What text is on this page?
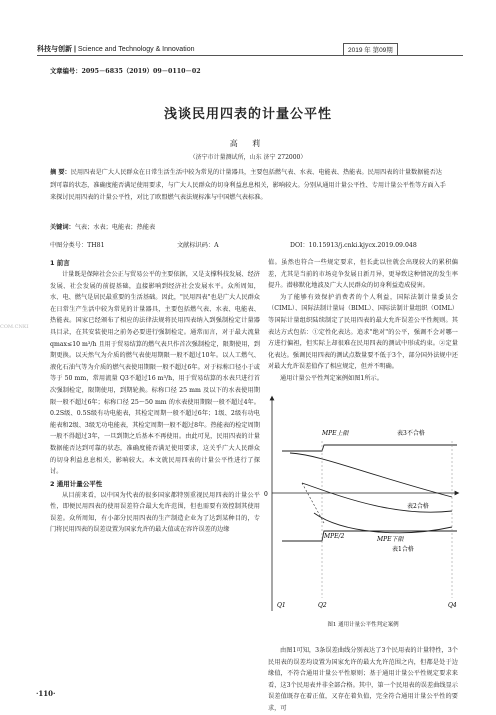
科技与创新 | Science and Technology & Innovation	2019 年 第09期
文章编号：2095－6835（2019）09－0110－02
浅谈民用四表的计量公平性
高 莉
（济宁市计量测试所，山东 济宁 272000）
摘 要：民用四表是广大人民群众在日常生活生活中较为常见的计量器具，主要包括燃气表、水表、电能表、热能表。民用四表的计量数据能否达到可靠的状态，准确度能否满足使用要求，与广大人民群众的切身利益息息相关，影响较大。分别从通用计量公平性、专用计量公平性等方面入手来探讨民用四表的计量公平性，对比了欧盟燃气表法规标准与中国燃气表标准。
关键词：气表；水表；电能表；热能表
中图分类号：TH81	文献标识码：A	DOI：10.15913/j.cnki.kjycx.2019.09.048
COM.CNKI
1 前言

计量既是保障社会公正与贸易公平的主要依据，又是支撑科技发展、经济发展、社会发展的前提基础，直接影响到经济社会发展水平。众所周知，水、电、燃气是居民最重要的生活基础。因此，"民用四表"也是广大人民群众在日常生产生活中较为常见的计量器具，主要包括燃气表、水表、电能表、热能表。国家已经颁布了相应的法律法规将民用四表纳入到强制检定计量器具目录，在其安装使用之前务必要进行强制检定。通常而言，对于最大流量 qmax≤10 m³/h 且用于贸易结算的燃气表只作首次强制检定，限期使用，到期更换。以天然气为介质的燃气表使用期限一般不超过10年。以人工燃气、液化石油气等为介质的燃气表使用期限一般不超过6年。对于标称口径小于或等于 50 mm，常用流量 Q3不超过16 m³/h，用于贸易结算的水表只进行首次强制检定，限期使用，到期轮换。标称口径 25 mm 及以下的水表使用期限一般不超过6年；标称口径 25～50 mm 的水表使用期限一般不超过4年。0.2S级、0.5S级有功电能表，其检定周期一般不超过6年；1级、2级有功电能表和2级、3级无功电能表，其检定周期一般不超过8年。热能表的检定周期一般不得超过3年，一旦到期之后基本不再使用。由此可见，民用四表的计量数据能否达到可靠的状态，准确度能否满足使用要求，这关乎广大人民群众的切身利益息息相关，影响较大。本文就民用四表的计量公平性进行了探讨。

2 通用计量公平性

从目前来看，以中国为代表的很多国家都特别重视民用四表的计量公平性，即便民用四表的使用误差符合最大允许范围，但也需要有效控制其使用误差。众所周知，有小部分民用四表的生产制造企业为了达到某种目的，专门将民用四表的误差设置为国家允许的最大值或在容许误差的边缘

值。虽然也符合一些规定要求，但长此以往就会出现较大的累积偏差，尤其是当前的市场竞争发展日新月异，更导致这种情况的发生率提升。潜移默化地波及广大人民群众的切身利益造成侵害。

为了能够有效保护消费者的个人利益，国际法制计量委员会（CIML）、国际法制计量局（BIML）、国际法制计量组织（OIML）等国际计量组织陆续制定了民用四表的最大允许误差公平性规则。其表达方式包括：①定性化表达。追求"绝对"的公平，强调不会对哪一方进行偏袒，但实际上却很难在民用四表的测试中形成约束。②定量化表达。强调民用四表的测试点数量要不低于3个，部分国外法规中还对最大允许误差值作了相应规定，但并不明确。

通用计量公平性判定案例如图1所示。

MPE上限	表3不合格
表2合格
MPE下限
MPE/2
表1合格
0
Q1	Q2	Q4
图1 通用计量公平性判定案例

由图1可知，3条误差曲线分别表达了3个民用表的计量特性，3个民用表的误差均设置为国家允许的最大允许范围之内，但都是处于边缘值，不符合通用计量公平性原则；基于通用计量公平性规定要求来看，这3个民用表并非全部合格。其中，第一个民用表的误差曲线显示误差值既存在着正值，又存在着负值，完全符合通用计量公平性的要求，可

·110·
